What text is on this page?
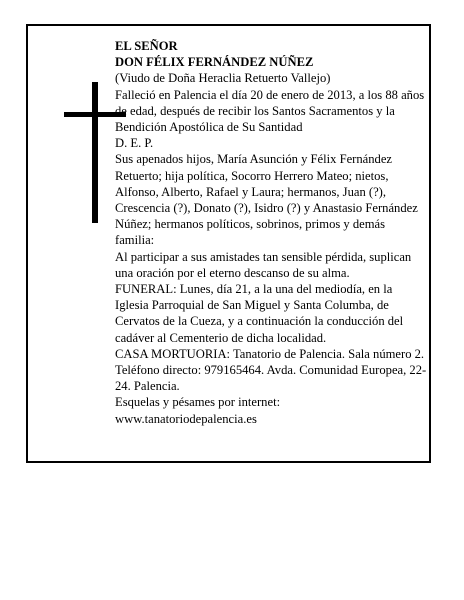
EL SEÑOR

DON FÉLIX FERNÁNDEZ NÚÑEZ

(Viudo de Doña Heraclia Retuerto Vallejo)

Falleció en Palencia el día 20 de enero de 2013, a los 88 años de edad, después de recibir los Santos Sacramentos y la Bendición Apostólica de Su Santidad

D. E. P.

Sus apenados hijos, María Asunción y Félix Fernández Retuerto; hija política, Socorro Herrero Mateo; nietos, Alfonso, Alberto, Rafael y Laura; hermanos, Juan (?), Crescencia (?), Donato (?), Isidro (?) y Anastasio Fernández Núñez; hermanos políticos, sobrinos, primos y demás familia:

Al participar a sus amistades tan sensible pérdida, suplican una oración por el eterno descanso de su alma.

FUNERAL: Lunes, día 21, a la una del mediodía, en la Iglesia Parroquial de San Miguel y Santa Columba, de Cervatos de la Cueza, y a continuación la conducción del cadáver al Cementerio de dicha localidad.

CASA MORTUORIA: Tanatorio de Palencia. Sala número 2. Teléfono directo: 979165464. Avda. Comunidad Europea, 22-24. Palencia.

Esquelas y pésames por internet:

www.tanatoriodepalencia.es
